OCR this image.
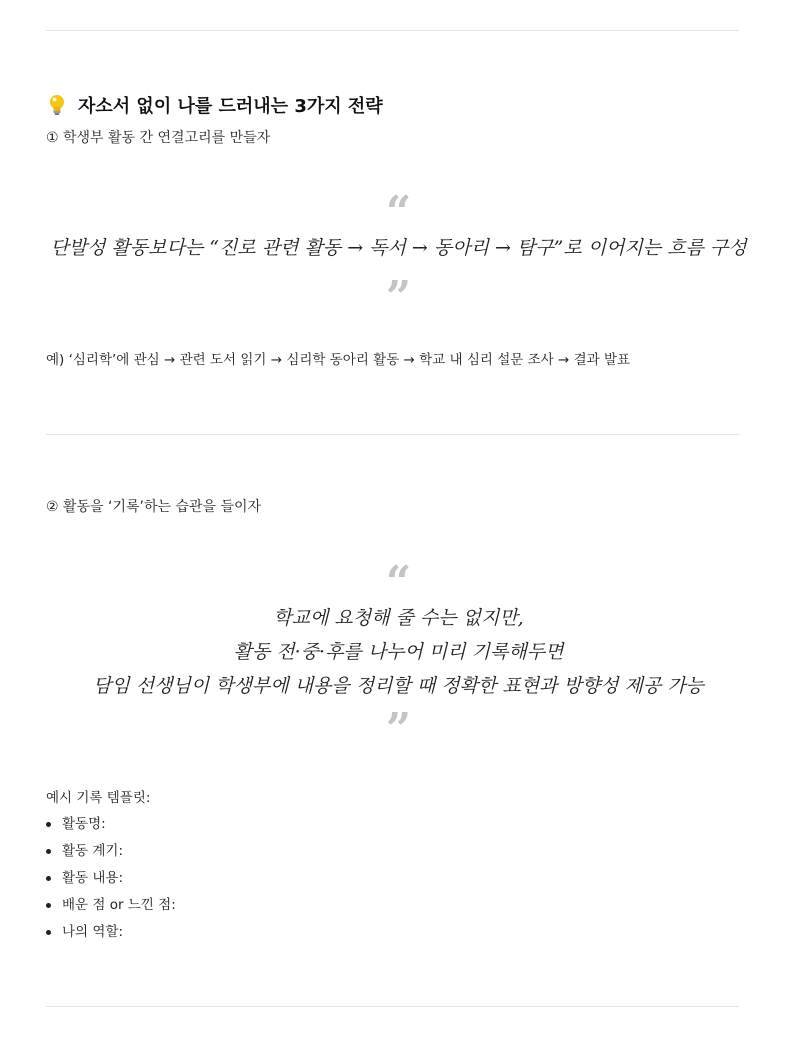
자소서 없이 나를 드러내는 3가지 전략
① 학생부 활동 간 연결고리를 만들자
“
단발성 활동보다는 “진로 관련 활동 → 독서 → 동아리 → 탐구”로 이어지는 흐름 구성
”
예) ‘심리학’에 관심 → 관련 도서 읽기 → 심리학 동아리 활동 → 학교 내 심리 설문 조사 → 결과 발표
② 활동을 ‘기록’하는 습관을 들이자
“
학교에 요청해 줄 수는 없지만,
활동 전·중·후를 나누어 미리 기록해두면
담임 선생님이 학생부에 내용을 정리할 때 정확한 표현과 방향성 제공 가능
”
예시 기록 템플릿:
활동명:
활동 계기:
활동 내용:
배운 점 or 느낀 점:
나의 역할:
